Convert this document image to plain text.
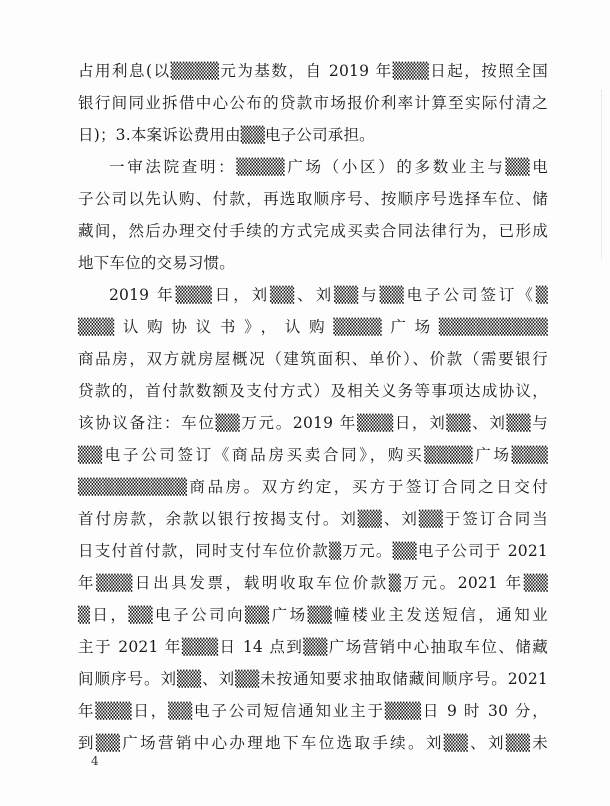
占用利息(以▒▒▒▒元为基数，自 2019 年▒▒▒日起，按照全国
银行间同业拆借中心公布的贷款市场报价利率计算至实际付清之
日)；3.本案诉讼费用由▒▒电子公司承担。
一审法院查明：▒▒▒▒广场（小区）的多数业主与▒▒电
子公司以先认购、付款，再选取顺序号、按顺序号选择车位、储
藏间，然后办理交付手续的方式完成买卖合同法律行为，已形成
地下车位的交易习惯。
2019 年▒▒▒日，刘▒▒、刘▒▒与▒▒电子公司签订《▒
▒▒▒认购协议书》，认购▒▒▒▒广场▒▒▒▒▒▒▒▒▒
商品房，双方就房屋概况（建筑面积、单价）、价款（需要银行
贷款的，首付款数额及支付方式）及相关义务等事项达成协议，
该协议备注：车位▒▒万元。2019 年▒▒▒日，刘▒▒、刘▒▒与
▒▒电子公司签订《商品房买卖合同》，购买▒▒▒▒广场▒▒▒
▒▒▒▒▒▒▒▒▒商品房。双方约定，买方于签订合同之日交付
首付房款，余款以银行按揭支付。刘▒▒、刘▒▒于签订合同当
日支付首付款，同时支付车位价款▒万元。▒▒电子公司于 2021
年▒▒▒日出具发票，载明收取车位价款▒万元。2021 年▒▒
▒日，▒▒电子公司向▒▒广场▒▒幢楼业主发送短信，通知业
主于 2021 年▒▒▒日 14 点到▒▒广场营销中心抽取车位、储藏
间顺序号。刘▒▒、刘▒▒未按通知要求抽取储藏间顺序号。2021
年▒▒▒日，▒▒电子公司短信通知业主于▒▒▒日 9 时 30 分，
到▒▒广场营销中心办理地下车位选取手续。刘▒▒、刘▒▒未
4
